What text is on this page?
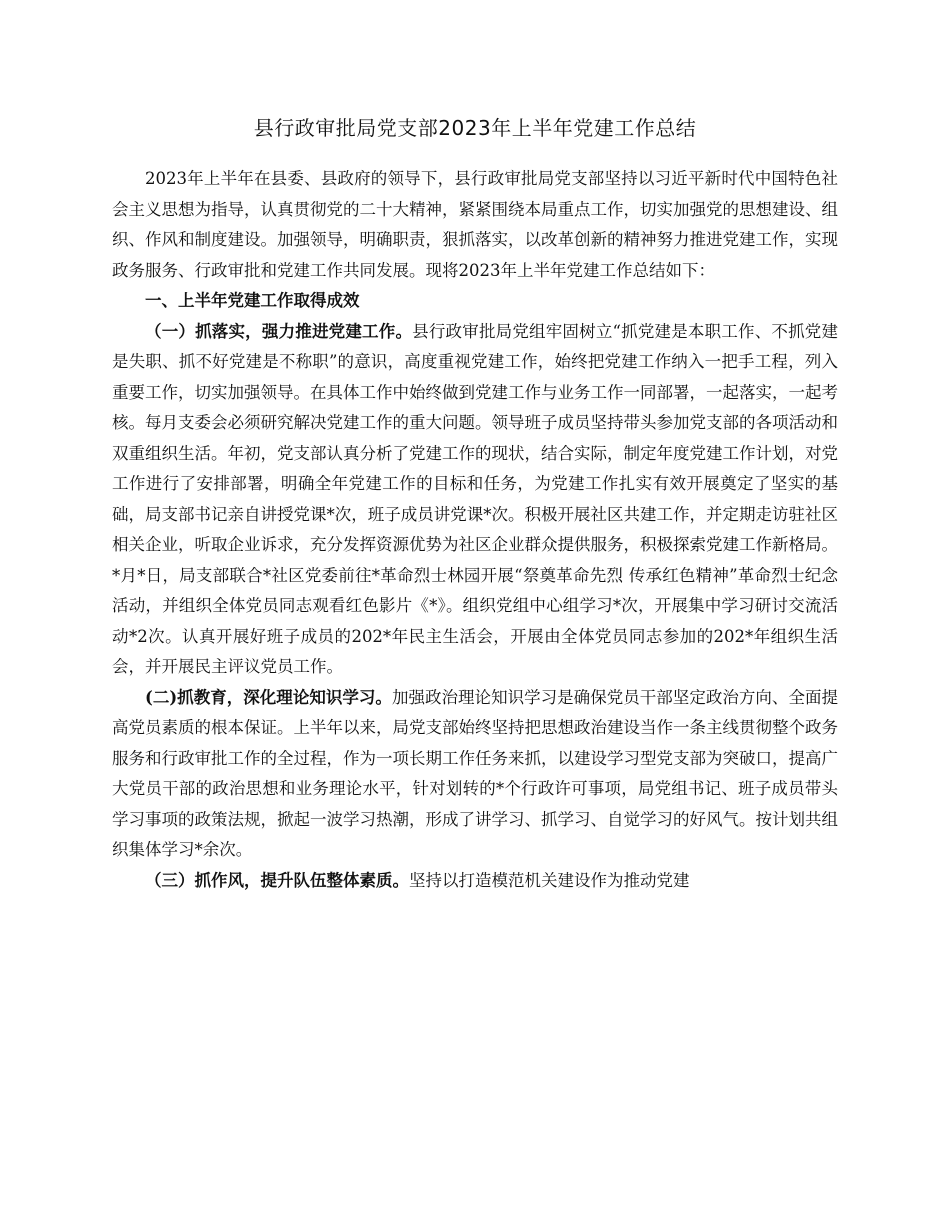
县行政审批局党支部2023年上半年党建工作总结

2023年上半年在县委、县政府的领导下，县行政审批局党支部坚持以习近平新时代中国特色社会主义思想为指导，认真贯彻党的二十大精神，紧紧围绕本局重点工作，切实加强党的思想建设、组织、作风和制度建设。加强领导，明确职责，狠抓落实，以改革创新的精神努力推进党建工作，实现政务服务、行政审批和党建工作共同发展。现将2023年上半年党建工作总结如下：

一、上半年党建工作取得成效

（一）抓落实，强力推进党建工作。县行政审批局党组牢固树立“抓党建是本职工作、不抓党建是失职、抓不好党建是不称职”的意识，高度重视党建工作，始终把党建工作纳入一把手工程，列入重要工作，切实加强领导。在具体工作中始终做到党建工作与业务工作一同部署，一起落实，一起考核。每月支委会必须研究解决党建工作的重大问题。领导班子成员坚持带头参加党支部的各项活动和双重组织生活。年初，党支部认真分析了党建工作的现状，结合实际，制定年度党建工作计划，对党工作进行了安排部署，明确全年党建工作的目标和任务，为党建工作扎实有效开展奠定了坚实的基础，局支部书记亲自讲授党课*次，班子成员讲党课*次。积极开展社区共建工作，并定期走访驻社区相关企业，听取企业诉求，充分发挥资源优势为社区企业群众提供服务，积极探索党建工作新格局。*月*日，局支部联合*社区党委前往*革命烈士林园开展“祭奠革命先烈 传承红色精神”革命烈士纪念活动，并组织全体党员同志观看红色影片《*》。组织党组中心组学习*次，开展集中学习研讨交流活动*2次。认真开展好班子成员的202*年民主生活会，开展由全体党员同志参加的202*年组织生活会，并开展民主评议党员工作。

(二)抓教育，深化理论知识学习。加强政治理论知识学习是确保党员干部坚定政治方向、全面提高党员素质的根本保证。上半年以来，局党支部始终坚持把思想政治建设当作一条主线贯彻整个政务服务和行政审批工作的全过程，作为一项长期工作任务来抓，以建设学习型党支部为突破口，提高广大党员干部的政治思想和业务理论水平，针对划转的*个行政许可事项，局党组书记、班子成员带头学习事项的政策法规，掀起一波学习热潮，形成了讲学习、抓学习、自觉学习的好风气。按计划共组织集体学习*余次。

（三）抓作风，提升队伍整体素质。坚持以打造模范机关建设作为推动党建
